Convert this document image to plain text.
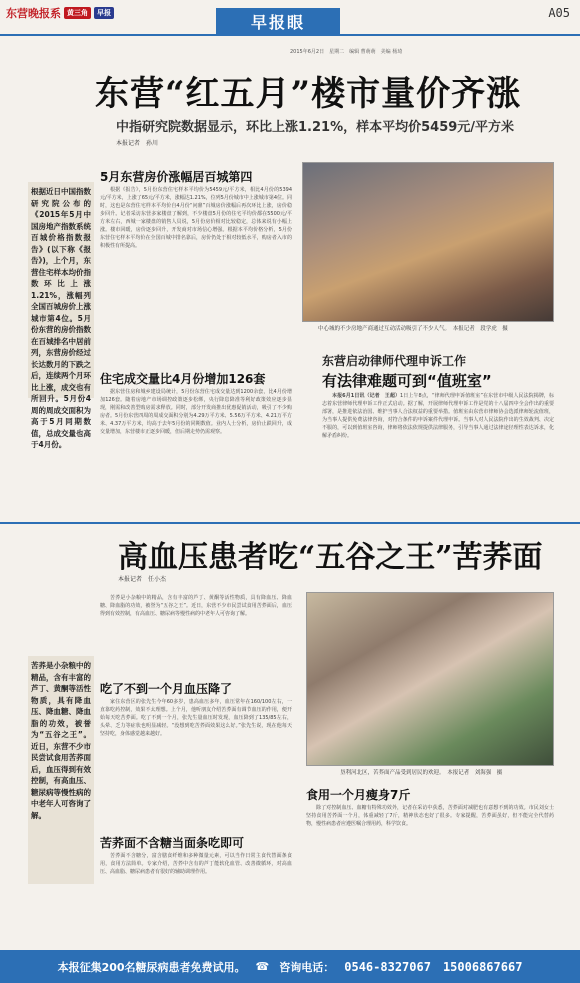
东营晚报系 黄三角	早报	早报眼	A05
2015年6月2日　星期二　编辑 曹萌萌　美编 杨琦
东营“红五月”楼市量价齐涨
中指研究院数据显示，环比上涨1.21%，样本平均价5459元/平方米
本报记者　孙川
根据近日中国指数研究院公布的《2015年5月中国房地产指数系统百城价格指数报告》(以下称《报告》)，上个月，东营住宅样本均价指数环比上涨1.21%，涨幅列全国百城房价上涨城市第4位。5月份东营的房价指数在百城排名中居前列，东营房价经过长达数月的下跌之后，连续两个月环比上涨，成交也有所回升。5月份4周的周成交面积为高于5月同期数值，总成交量也高于4月份。
5月东营房价涨幅居百城第四

根据《报告》，5月份东营住宅样本平均价为5459元/平方米，相比4月份的5394元/平方米，上涨了65元/平方米，涨幅达1.21%，位列5月份城市中上涨城市第4位。同时，这也是东营住宅样本平均价自4月份“问鼎”百城房价涨幅后再次环比上涨，房价稳步回升。记者采访东营多家楼盘了解到，不少楼盘5月份的住宅平均价都在5500元/平方米左右，西城一家楼盘的销售人员说，5月份房价相对比较稳定，总体来说有小幅上涨。楼市回暖，房价逐步回升，开发商对市场信心增强。根据本平均价格分析，5月份东营住宅样本平均价在全国百城中排名靠后，房价仍处于相对较低水平，购房者入市的积极性有所提高。

住宅成交量比4月份增加126套

据东营住房和城乡建设局统计，5月份东营住宅成交量达到1200余套，比4月份增加126套。随着房地产市场调控政策逐步松绑，央行降息降准等利好政策效应逐步显现，刚需和改善型购房需求释放。同时，部分开发商推出优惠促销活动，吸引了不少购房者。5月份东营四周的周成交面积分别为4.29万平方米、5.56万平方米、4.21万平方米、4.37万平方米，均高于去年5月份的同期数值。业内人士分析，房价止跌回升，成交量增加，东营楼市正逐步回暖，但后期走势仍需观察。

中心城的不少房地产商通过互动活动吸引了不少人气。　本报记者　段学虎　摄
东营启动律师代理申诉工作
有法律难题可到“值班室”

本报6月1日讯（记者　王超）1日上午8点，“律师代理申诉值班室”在东营市中级人民法院揭牌，标志着东营律师代理申诉工作正式启动。据了解，开展律师代理申诉工作是党的十八届四中全会作出的重要部署，是推进依法治国、维护当事人合法权益的重要举措。值班室由东营市律师协会选派律师轮流值班，为当事人提供免费法律咨询，对符合条件的申诉案件代理申诉。当事人对人民法院作出的生效裁判、决定不服的，可以到值班室咨询，律师将依法依规提供法律服务，引导当事人通过法律途径理性表达诉求，化解矛盾纠纷。

高血压患者吃“五谷之王”苦荞面
本报记者　任小杰
苦荞是小杂粮中的精品，含有丰富的芦丁、黄酮等活性物质，具有降血压、降血糖、降血脂的功效，被誉为“五谷之王”。近日，东营不少市民尝试食用苦荞面后，血压得到有效控制，有高血压、糖尿病等慢性病的中老年人可咨询了解。

苦荞是小杂粮中的精品，含有丰富的芦丁、黄酮等活性物质，具有降血压、降血糖、降血脂的功效，被誉为“五谷之王”。近日，东营不少市民尝试食用苦荞面后，血压得到有效控制，有高血压、糖尿病等慢性病的中老年人可咨询了解。

吃了不到一个月血压降了

家住东营区的张先生今年60多岁，患高血压多年，血压常年在160/100左右，一直靠吃药控制，效果不太理想。上个月，他听朋友介绍苦荞面有调节血压的作用，便开始每天吃苦荞面。吃了不到一个月，张先生量血压时发现，血压降到了135/85左右，头晕、乏力等症状也明显减轻。“没想到吃苦荞面效果这么好。”张先生说，现在他每天坚持吃，身体感觉越来越好。

苦荞面不含糖当面条吃即可

苦荞面不含糖分，富含膳食纤维和多种微量元素，可以当作日常主食代替面条食用，食用方法简单。专家介绍，苦荞中含有的芦丁能软化血管、改善微循环，对高血压、高血脂、糖尿病患者有很好的辅助调理作用。

垦利河北区，苦荞面产品受到居民的欢迎。　本报记者　刘海强　摄
食用一个月瘦身7斤

除了对控制血压、血糖有特殊功效外，记者在采访中获悉，苦荞面对减肥也有意想不到的功效。市民刘女士坚持食用苦荞面一个月，体重减轻了7斤，精神状态也好了很多。专家提醒，苦荞面虽好，但不能完全代替药物，慢性病患者应遵医嘱合理用药，科学饮食。

本报征集200名糖尿病患者免费试用。 ☎ 咨询电话： 0546-8327067　15006867667
